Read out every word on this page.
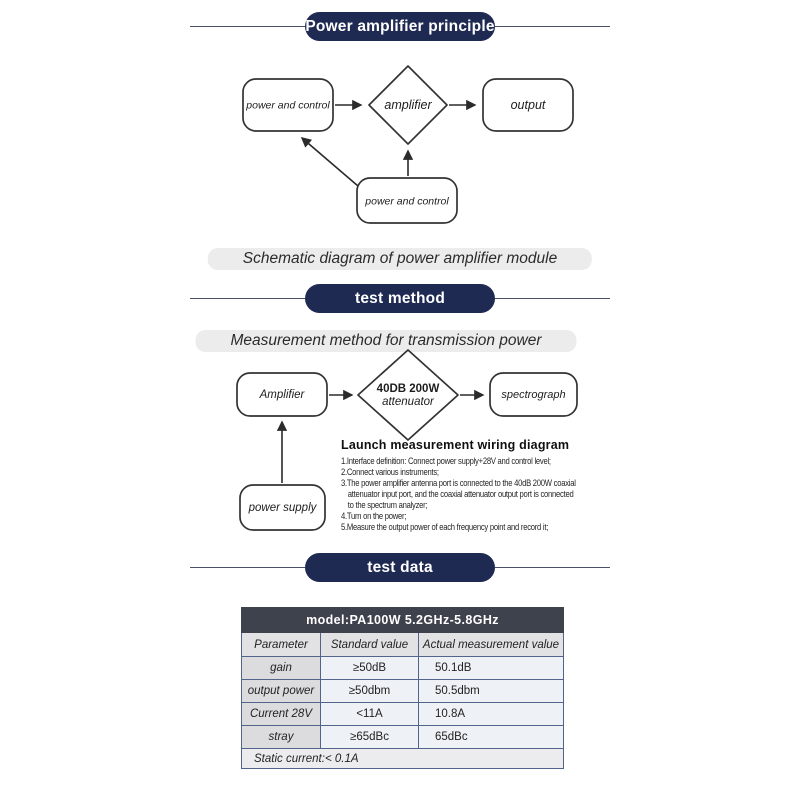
Power amplifier principle
power and control	amplifier	output
power and control
Schematic diagram of power amplifier module
test method
Measurement method for transmission power
Amplifier	40DB 200W
attenuator
spectrograph
power supply
Launch measurement wiring diagram
1.Interface definition: Connect power supply+28V and control level;
2.Connect various instruments;
3.The power amplifier antenna port is connected to the 40dB 200W coaxial attenuator input port, and the coaxial attenuator output port is connected to the spectrum analyzer;
4.Turn on the power;
5.Measure the output power of each frequency point and record it;
test data
model:PA100W 5.2GHz-5.8GHz		
Parameter	Standard value	Actual measurement value
gain	≥50dB	50.1dB
output power	≥50dbm	50.5dbm
Current 28V	<11A	10.8A
stray	≥65dBc	65dBc
Static current:< 0.1A		
